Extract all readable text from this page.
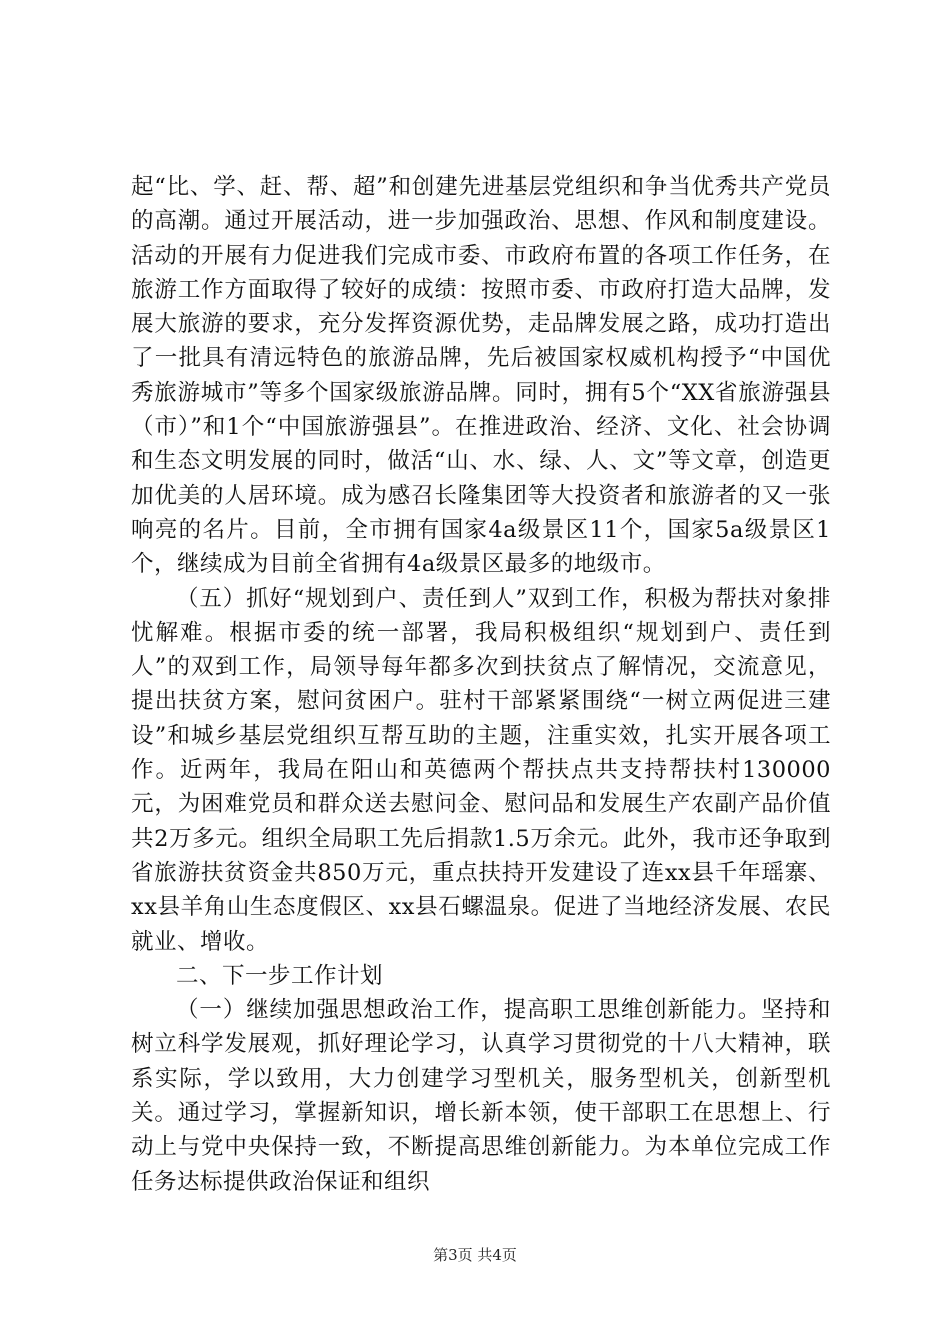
起“比、学、赶、帮、超”和创建先进基层党组织和争当优秀共产党员的高潮。通过开展活动，进一步加强政治、思想、作风和制度建设。活动的开展有力促进我们完成市委、市政府布置的各项工作任务，在旅游工作方面取得了较好的成绩：按照市委、市政府打造大品牌，发展大旅游的要求，充分发挥资源优势，走品牌发展之路，成功打造出了一批具有清远特色的旅游品牌，先后被国家权威机构授予“中国优秀旅游城市”等多个国家级旅游品牌。同时，拥有5个“XX省旅游强县（市）”和1个“中国旅游强县”。在推进政治、经济、文化、社会协调和生态文明发展的同时，做活“山、水、绿、人、文”等文章，创造更加优美的人居环境。成为感召长隆集团等大投资者和旅游者的又一张响亮的名片。目前，全市拥有国家4a级景区11个，国家5a级景区1个，继续成为目前全省拥有4a级景区最多的地级市。

（五）抓好“规划到户、责任到人”双到工作，积极为帮扶对象排忧解难。根据市委的统一部署，我局积极组织“规划到户、责任到人”的双到工作，局领导每年都多次到扶贫点了解情况，交流意见，提出扶贫方案，慰问贫困户。驻村干部紧紧围绕“一树立两促进三建设”和城乡基层党组织互帮互助的主题，注重实效，扎实开展各项工作。近两年，我局在阳山和英德两个帮扶点共支持帮扶村130000元，为困难党员和群众送去慰问金、慰问品和发展生产农副产品价值共2万多元。组织全局职工先后捐款1.5万余元。此外，我市还争取到省旅游扶贫资金共850万元，重点扶持开发建设了连xx县千年瑶寨、xx县羊角山生态度假区、xx县石螺温泉。促进了当地经济发展、农民就业、增收。

二、下一步工作计划

（一）继续加强思想政治工作，提高职工思维创新能力。坚持和树立科学发展观，抓好理论学习，认真学习贯彻党的十八大精神，联系实际，学以致用，大力创建学习型机关，服务型机关，创新型机关。通过学习，掌握新知识，增长新本领，使干部职工在思想上、行动上与党中央保持一致，不断提高思维创新能力。为本单位完成工作任务达标提供政治保证和组织

第3页 共4页
